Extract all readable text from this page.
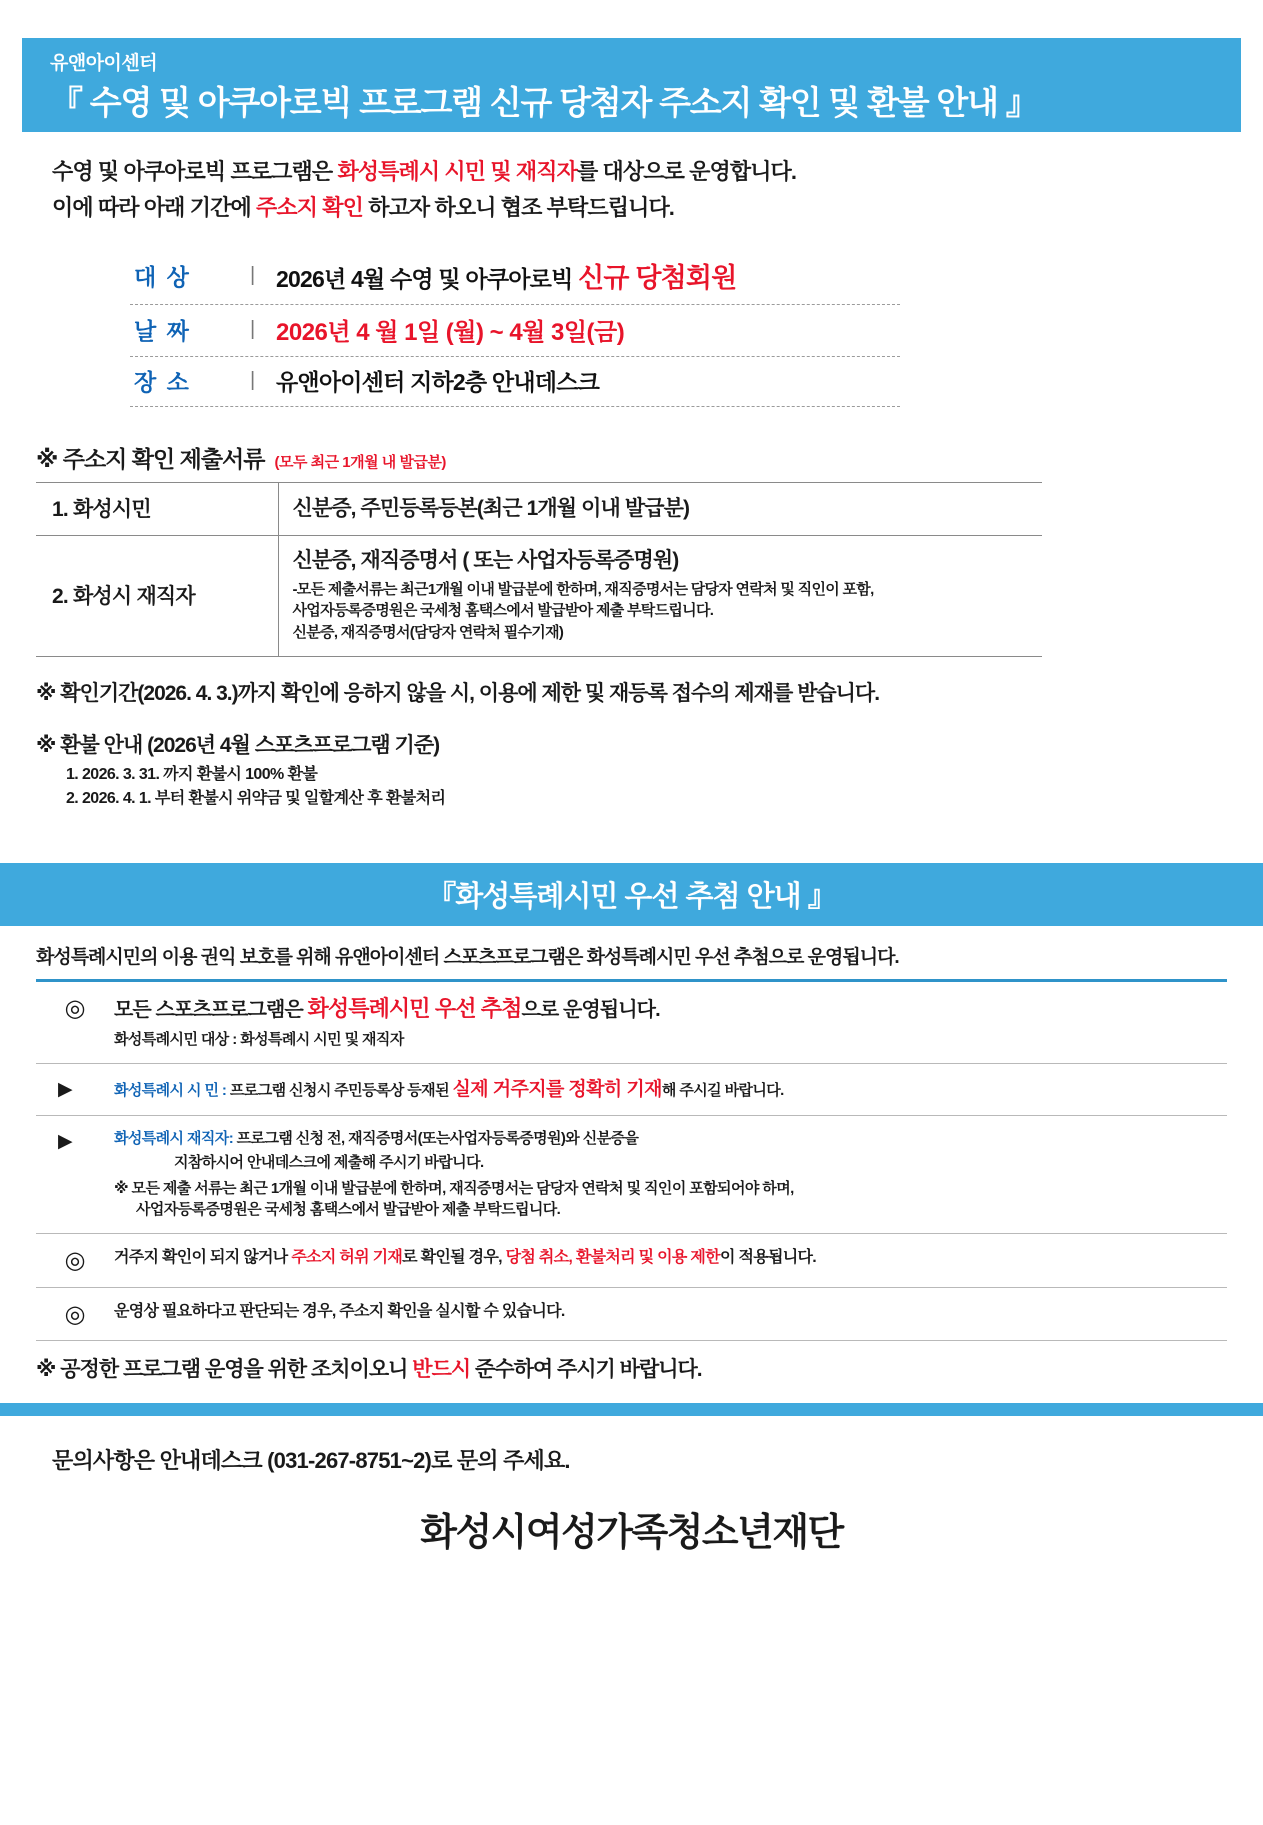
유앤아이센터
『 수영 및 아쿠아로빅 프로그램 신규 당첨자 주소지 확인 및 환불 안내 』
수영 및 아쿠아로빅 프로그램은 화성특례시 시민 및 재직자를 대상으로 운영합니다.
이에 따라 아래 기간에 주소지 확인 하고자 하오니 협조 부탁드립니다.
대 상	| 2026년 4월 수영 및 아쿠아로빅 신규 당첨회원
날 짜	| 2026년 4 월 1일 (월) ~ 4월 3일(금)
장 소	| 유앤아이센터 지하2층 안내데스크
※ 주소지 확인 제출서류 (모두 최근 1개월 내 발급분)
1. 화성시민	신분증, 주민등록등본(최근 1개월 이내 발급분)

2. 화성시 재직자	신분증, 재직증명서 ( 또는 사업자등록증명원)
-모든 제출서류는 최근1개월 이내 발급분에 한하며, 재직증명서는 담당자 연락처 및 직인이 포함,
사업자등록증명원은 국세청 홈택스에서 발급받아 제출 부탁드립니다.
신분증, 재직증명서(담당자 연락처 필수기재)
※ 확인기간(2026. 4. 3.)까지 확인에 응하지 않을 시, 이용에 제한 및 재등록 접수의 제재를 받습니다.
※ 환불 안내 (2026년 4월 스포츠프로그램 기준)
1. 2026. 3. 31. 까지 환불시 100% 환불
2. 2026. 4. 1. 부터 환불시 위약금 및 일할계산 후 환불처리
『화성특례시민 우선 추첨 안내 』
화성특례시민의 이용 권익 보호를 위해 유앤아이센터 스포츠프로그램은 화성특례시민 우선 추첨으로 운영됩니다.
◎	모든 스포츠프로그램은 화성특례시민 우선 추첨으로 운영됩니다.
화성특례시민 대상 : 화성특례시 시민 및 재직자
▶	화성특례시 시 민 : 프로그램 신청시 주민등록상 등재된 실제 거주지를 정확히 기재해 주시길 바랍니다.
▶	화성특례시 재직자: 프로그램 신청 전, 재직증명서(또는사업자등록증명원)와 신분증을
지참하시어 안내데스크에 제출해 주시기 바랍니다.
※ 모든 제출 서류는 최근 1개월 이내 발급분에 한하며, 재직증명서는 담당자 연락처 및 직인이 포함되어야 하며,
사업자등록증명원은 국세청 홈택스에서 발급받아 제출 부탁드립니다.
◎	거주지 확인이 되지 않거나 주소지 허위 기재로 확인될 경우, 당첨 취소, 환불처리 및 이용 제한이 적용됩니다.
◎	운영상 필요하다고 판단되는 경우, 주소지 확인을 실시할 수 있습니다.
※ 공정한 프로그램 운영을 위한 조치이오니 반드시 준수하여 주시기 바랍니다.
문의사항은 안내데스크 (031-267-8751~2)로 문의 주세요.
화성시여성가족청소년재단
